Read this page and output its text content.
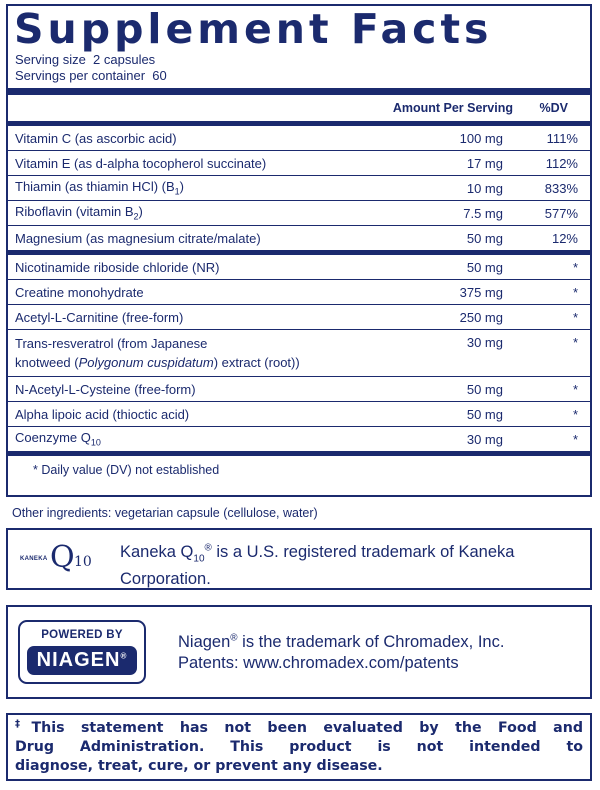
Supplement Facts
Serving size  2 capsules
Servings per container  60
Amount Per Serving	%DV
Vitamin C (as ascorbic acid)	100 mg	111%
Vitamin E (as d-alpha tocopherol succinate)	17 mg	112%
Thiamin (as thiamin HCl) $(B_1)$	10 mg	833%
Riboflavin (vitamin $B_2$)	7.5 mg	577%
Magnesium (as magnesium citrate/malate)	50 mg	12%
Nicotinamide riboside chloride (NR)	50 mg	*
Creatine monohydrate	375 mg	*
Acetyl-L-Carnitine (free-form)	250 mg	*
Trans-resveratrol (from Japanese
knotweed (Polygonum cuspidatum) extract (root))
30 mg	*
N-Acetyl-L-Cysteine (free-form)	50 mg	*
Alpha lipoic acid (thioctic acid)	50 mg	*
Coenzyme $Q_{10}$	30 mg	*
* Daily value (DV) not established
Other ingredients: vegetarian capsule (cellulose, water)
KANEKA Q 10
Kaneka $Q_{10}®$ is a U.S. registered trademark of Kaneka
Corporation.
POWERED BY
NIAGEN®
Niagen® is the trademark of Chromadex, Inc.
Patents: www.chromadex.com/patents
‡This statement has not been evaluated by the Food and
Drug Administration. This product is not intended to
diagnose, treat, cure, or prevent any disease.
